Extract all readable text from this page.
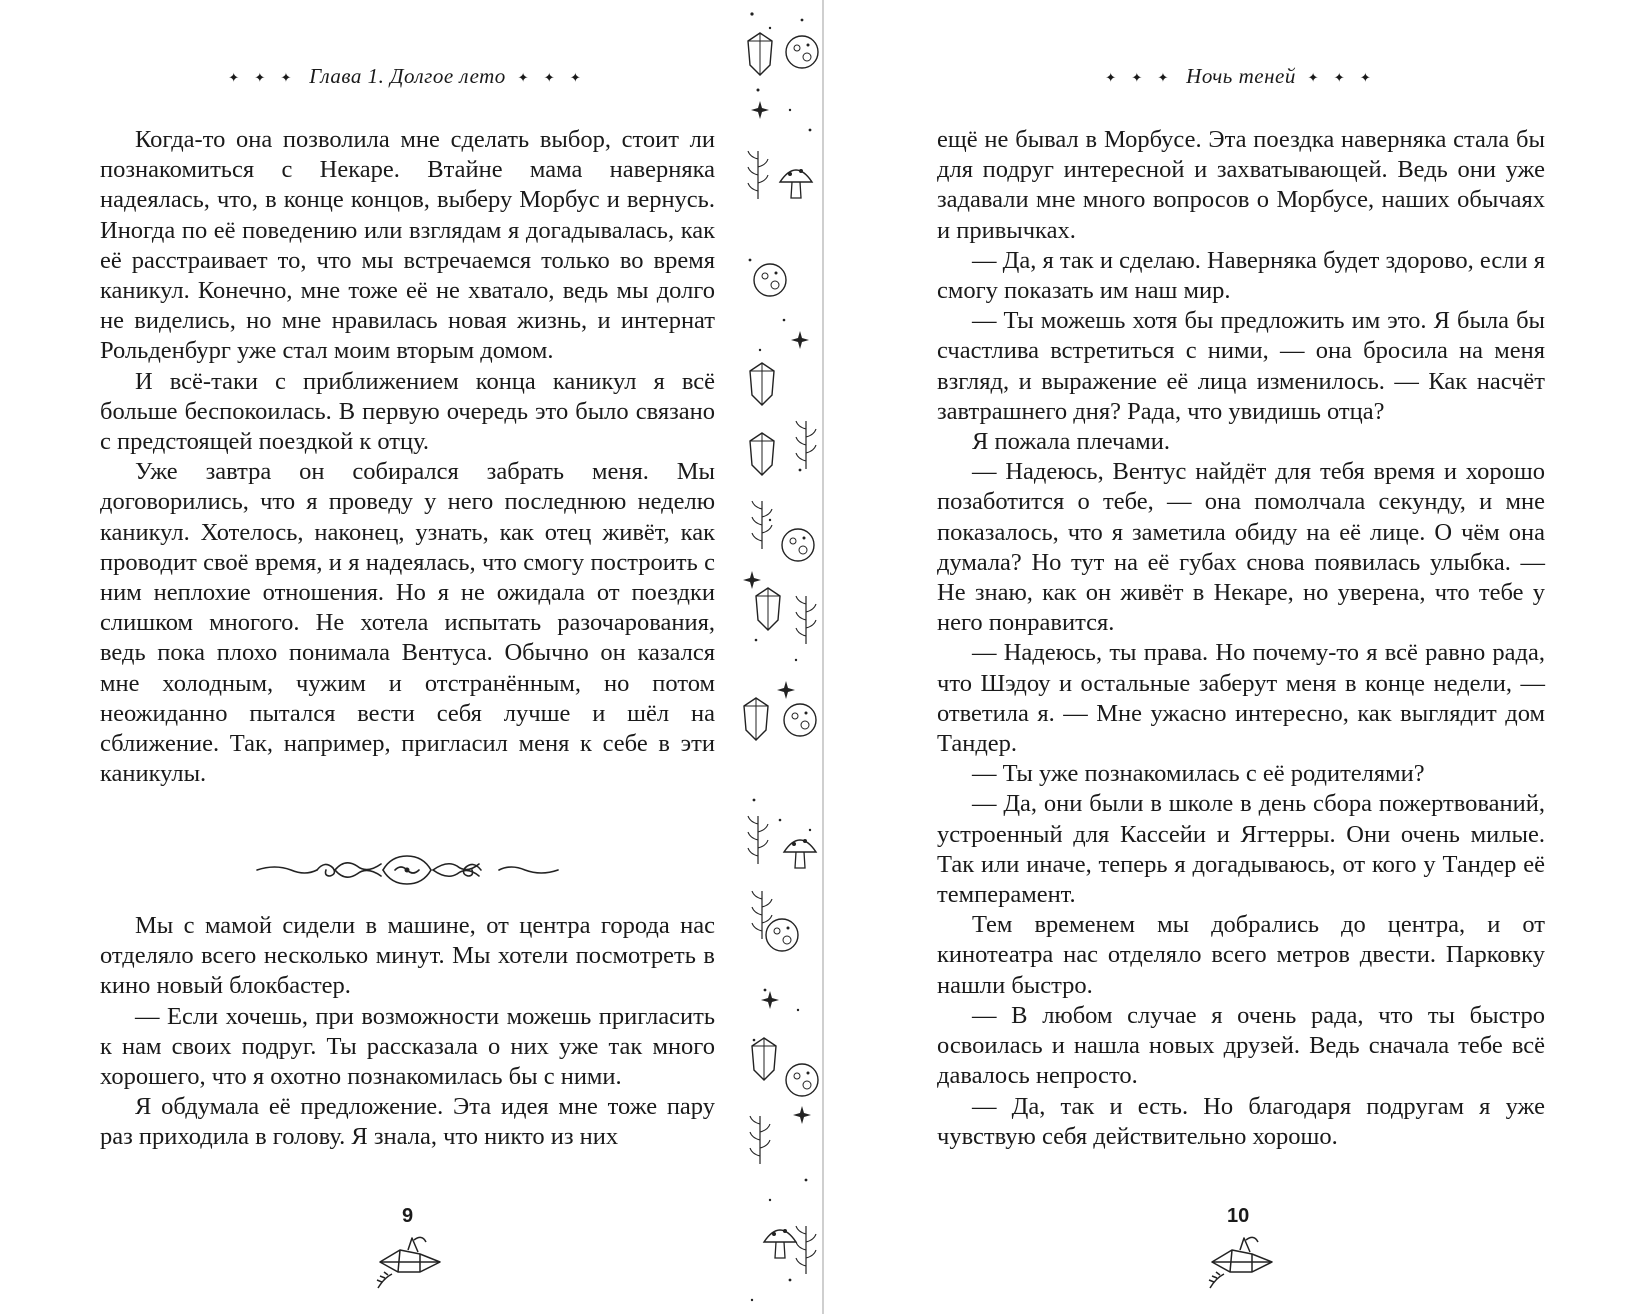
✦ ✦ ✦ Глава 1. Долгое лето ✦ ✦ ✦

Когда-то она позволила мне сделать выбор, стоит ли познакомиться с Некаре. Втайне мама наверняка надеялась, что, в конце концов, выберу Морбус и вернусь. Иногда по её поведению или взглядам я догадывалась, как её расстраивает то, что мы встречаемся только во время каникул. Конечно, мне тоже её не хватало, ведь мы долго не виделись, но мне нравилась новая жизнь, и интернат Рольденбург уже стал моим вторым домом.

И всё-таки с приближением конца каникул я всё больше беспокоилась. В первую очередь это было связано с предстоящей поездкой к отцу.

Уже завтра он собирался забрать меня. Мы договорились, что я проведу у него последнюю неделю каникул. Хотелось, наконец, узнать, как отец живёт, как проводит своё время, и я надеялась, что смогу построить с ним неплохие отношения. Но я не ожидала от поездки слишком многого. Не хотела испытать разочарования, ведь пока плохо понимала Вентуса. Обычно он казался мне холодным, чужим и отстранённым, но потом неожиданно пытался вести себя лучше и шёл на сближение. Так, например, пригласил меня к себе в эти каникулы.

Мы с мамой сидели в машине, от центра города нас отделяло всего несколько минут. Мы хотели посмотреть в кино новый блокбастер.

— Если хочешь, при возможности можешь пригласить к нам своих подруг. Ты рассказала о них уже так много хорошего, что я охотно познакомилась бы с ними.

Я обдумала её предложение. Эта идея мне тоже пару раз приходила в голову. Я знала, что никто из них

9
✦ ✦ ✦ Ночь теней ✦ ✦ ✦

ещё не бывал в Морбусе. Эта поездка наверняка стала бы для подруг интересной и захватывающей. Ведь они уже задавали мне много вопросов о Морбусе, наших обычаях и привычках.

— Да, я так и сделаю. Наверняка будет здорово, если я смогу показать им наш мир.

— Ты можешь хотя бы предложить им это. Я была бы счастлива встретиться с ними, — она бросила на меня взгляд, и выражение её лица изменилось. — Как насчёт завтрашнего дня? Рада, что увидишь отца?

Я пожала плечами.

— Надеюсь, Вентус найдёт для тебя время и хорошо позаботится о тебе, — она помолчала секунду, и мне показалось, что я заметила обиду на её лице. О чём она думала? Но тут на её губах снова появилась улыбка. — Не знаю, как он живёт в Некаре, но уверена, что тебе у него понравится.

— Надеюсь, ты права. Но почему-то я всё равно рада, что Шэдоу и остальные заберут меня в конце недели, — ответила я. — Мне ужасно интересно, как выглядит дом Тандер.

— Ты уже познакомилась с её родителями?

— Да, они были в школе в день сбора пожертвований, устроенный для Кассейи и Ягтерры. Они очень милые. Так или иначе, теперь я догадываюсь, от кого у Тандер её темперамент.

Тем временем мы добрались до центра, и от кинотеатра нас отделяло всего метров двести. Парковку нашли быстро.

— В любом случае я очень рада, что ты быстро освоилась и нашла новых друзей. Ведь сначала тебе всё давалось непросто.

— Да, так и есть. Но благодаря подругам я уже чувствую себя действительно хорошо.

10
